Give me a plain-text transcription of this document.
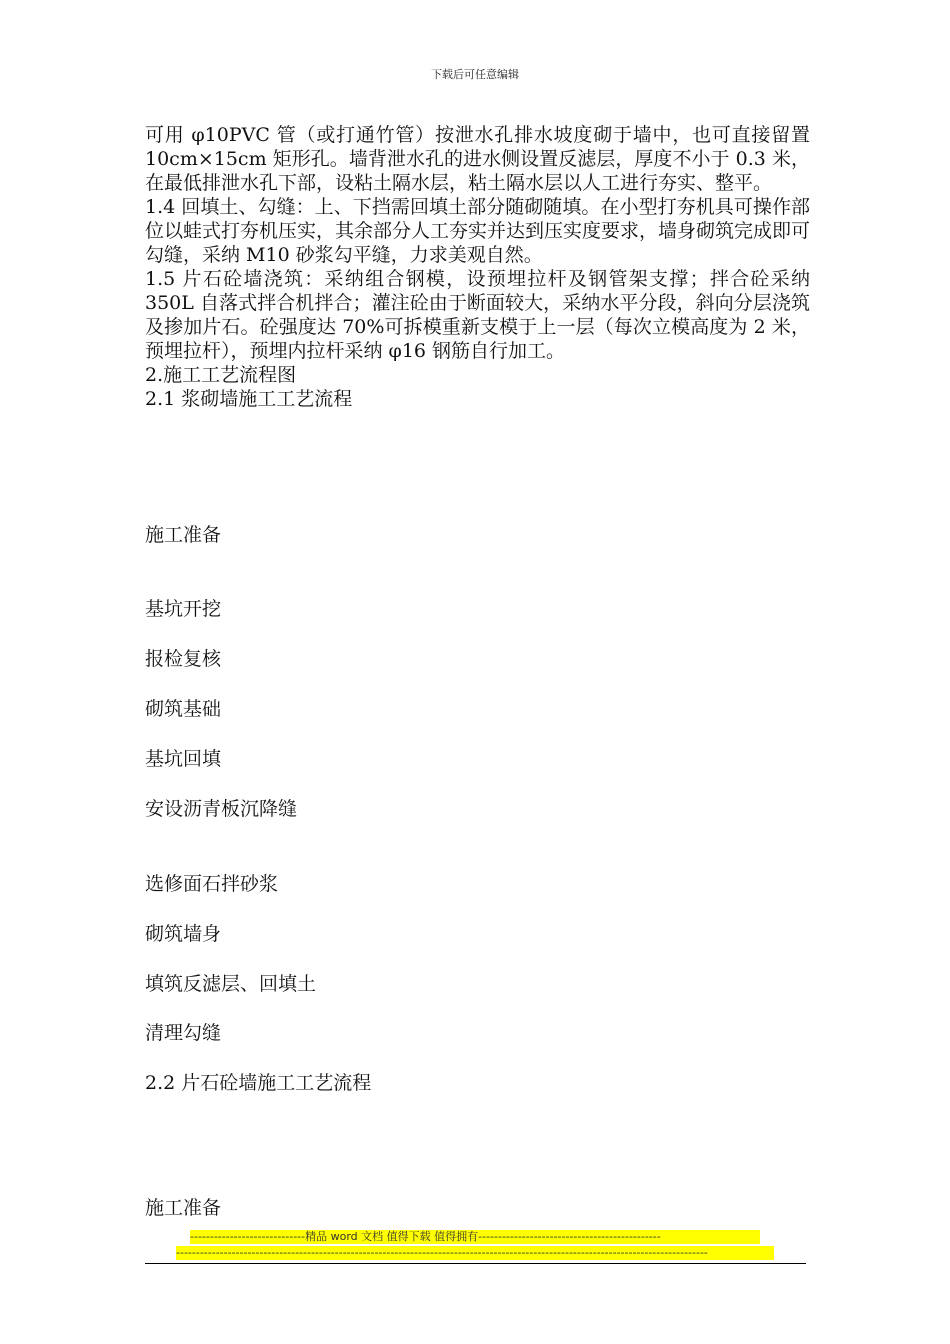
下载后可任意编辑

可用 φ10PVC 管（或打通竹管）按泄水孔排水坡度砌于墙中，也可直接留置 10cm×15cm 矩形孔。墙背泄水孔的进水侧设置反滤层，厚度不小于 0.3 米，在最低排泄水孔下部，设粘土隔水层，粘土隔水层以人工进行夯实、整平。

1.4 回填土、勾缝：上、下挡需回填土部分随砌随填。在小型打夯机具可操作部位以蛙式打夯机压实，其余部分人工夯实并达到压实度要求，墙身砌筑完成即可勾缝，采纳 M10 砂浆勾平缝，力求美观自然。

1.5 片石砼墙浇筑：采纳组合钢模，设预埋拉杆及钢管架支撑；拌合砼采纳 350L 自落式拌合机拌合；灌注砼由于断面较大，采纳水平分段，斜向分层浇筑及掺加片石。砼强度达 70%可拆模重新支模于上一层（每次立模高度为 2 米，预埋拉杆），预埋内拉杆采纳 φ16 钢筋自行加工。

2.施工工艺流程图

2.1 浆砌墙施工工艺流程

施工准备

基坑开挖

报检复核

砌筑基础

基坑回填

安设沥青板沉降缝

选修面石拌砂浆

砌筑墙身

填筑反滤层、回填土

清理勾缝

2.2 片石砼墙施工工艺流程

施工准备

-----------------------------精品 word 文档 值得下载 值得拥有----------------------------------------------
--------------------------------------------------------------------------------------------------------------------------------------
